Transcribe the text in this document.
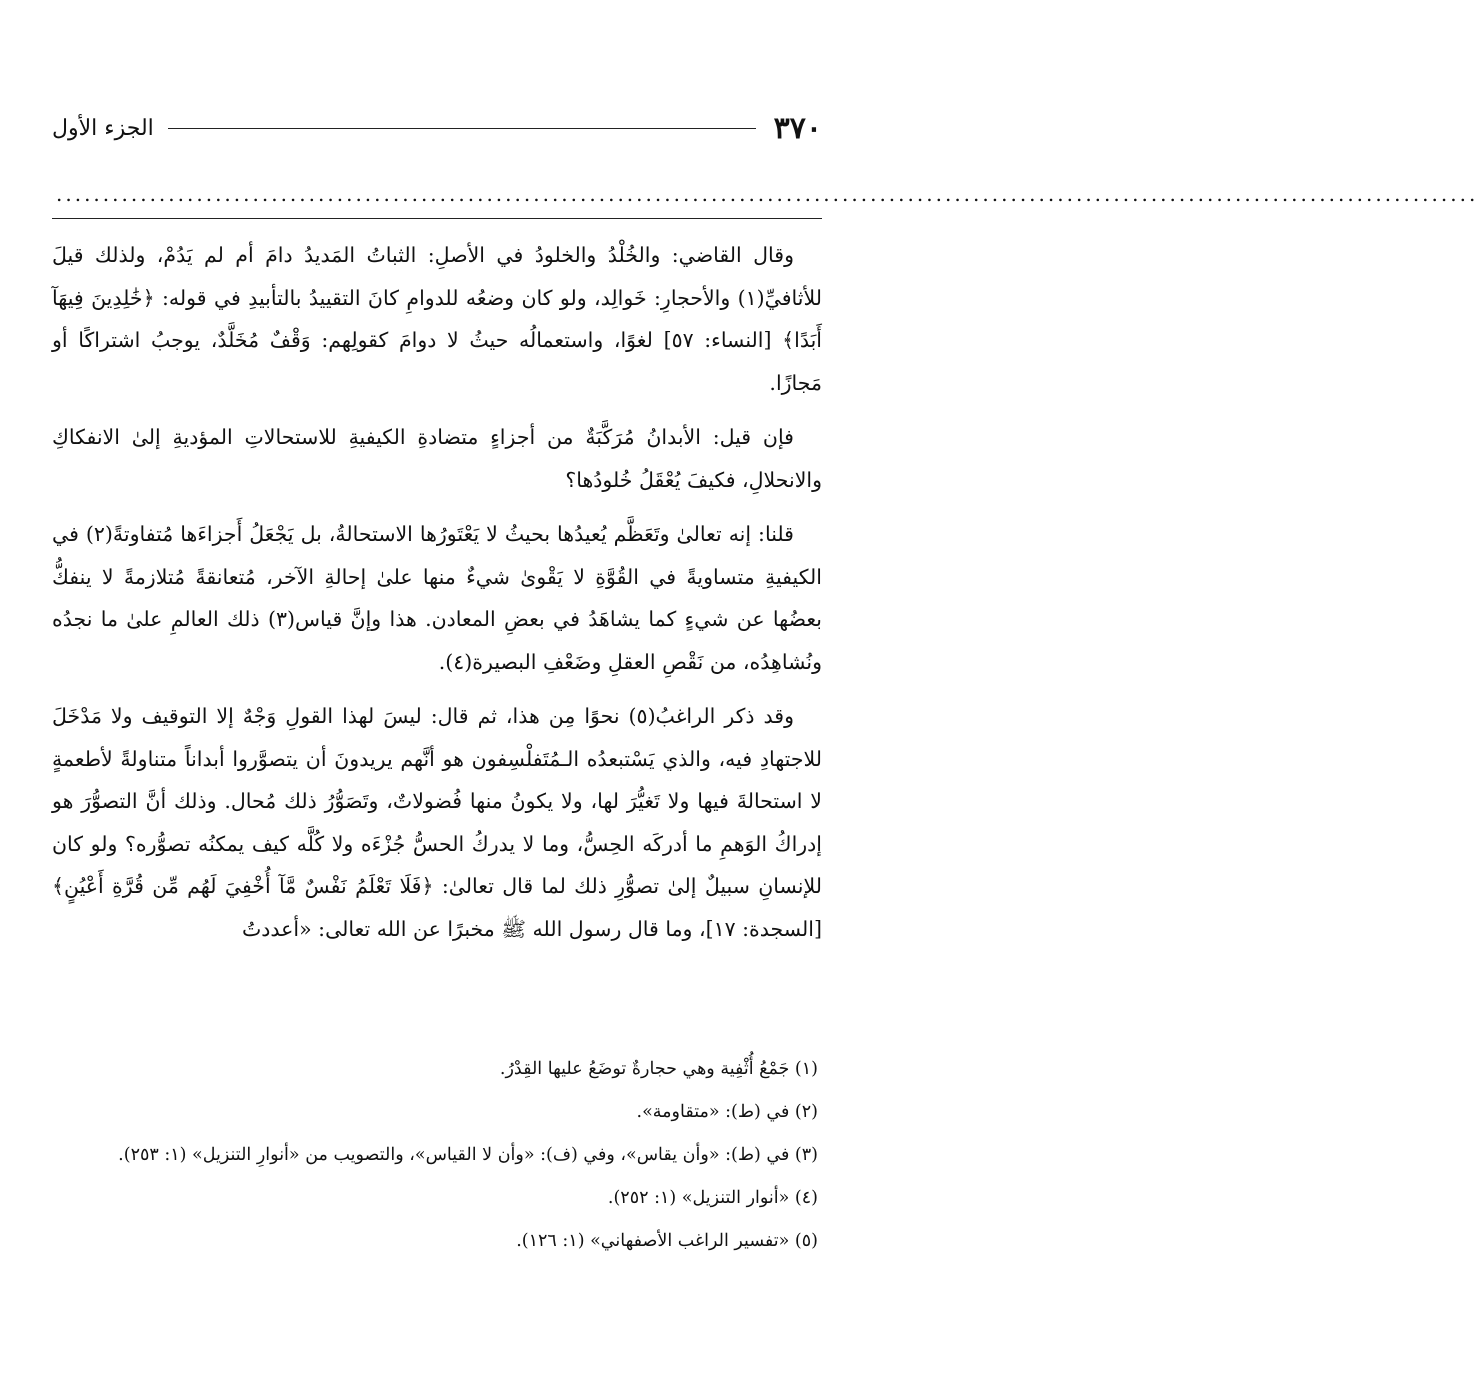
٣٧٠
الجزء الأول
........................................................................................................................................................

وقال القاضي: والخُلْدُ والخلودُ في الأصلِ: الثباتُ المَديدُ دامَ أم لم يَدُمْ، ولذلك قيلَ للأثافيِّ(١) والأحجارِ: خَوالِد، ولو كان وضعُه للدوامِ كانَ التقييدُ بالتأبيدِ في قوله: ﴿خَٰلِدِينَ فِيهَآ أَبَدًا﴾ [النساء: ٥٧] لغوًا، واستعمالُه حيثُ لا دوامَ كقولِهم: وَقْفٌ مُخَلَّدٌ، يوجبُ اشتراكًا أو مَجازًا.

فإن قيل: الأبدانُ مُرَكَّبَةٌ من أجزاءٍ متضادةِ الكيفيةِ للاستحالاتِ المؤديةِ إلىٰ الانفكاكِ والانحلالِ، فكيفَ يُعْقَلُ خُلودُها؟

قلنا: إنه تعالىٰ وتَعَظَّم يُعيدُها بحيثُ لا يَعْتَورُها الاستحالةُ، بل يَجْعَلُ أَجزاءَها مُتفاوتةً(٢) في الكيفيةِ متساويةً في القُوَّةِ لا يَقْوىٰ شيءٌ منها علىٰ إحالةِ الآخر، مُتعانقةً مُتلازمةً لا ينفكُّ بعضُها عن شيءٍ كما يشاهَدُ في بعضِ المعادن. هذا وإنَّ قياس(٣) ذلك العالمِ علىٰ ما نجدُه ونُشاهِدُه، من نَقْصِ العقلِ وضَعْفِ البصيرة(٤).

وقد ذكر الراغبُ(٥) نحوًا مِن هذا، ثم قال: ليسَ لهذا القولِ وَجْهٌ إلا التوقيف ولا مَدْخَلَ للاجتهادِ فيه، والذي يَسْتبعدُه الـمُتَفلْسِفون هو أنَّهم يريدونَ أن يتصوَّروا أبداناً متناولةً لأطعمةٍ لا استحالةَ فيها ولا تَغيُّرَ لها، ولا يكونُ منها فُضولاتٌ، وتَصَوُّرُ ذلك مُحال. وذلك أنَّ التصوُّرَ هو إدراكُ الوَهمِ ما أدركَه الحِسُّ، وما لا يدركُ الحسُّ جُزْءَه ولا كُلَّه كيف يمكنُه تصوُّره؟ ولو كان للإنسانِ سبيلٌ إلىٰ تصوُّرِ ذلك لما قال تعالىٰ: ﴿فَلَا تَعْلَمُ نَفْسٌ مَّآ أُخْفِيَ لَهُم مِّن قُرَّةِ أَعْيُنٍ﴾ [السجدة: ١٧]، وما قال رسول الله ﷺ مخبرًا عن الله تعالى: «أعددتُ

(١) جَمْعُ أُثْفِية وهي حجارةٌ توضَعُ عليها القِدْرُ.

(٢) في (ط): «متقاومة».

(٣) في (ط): «وأن يقاس»، وفي (ف): «وأن لا القياس»، والتصويب من «أنوارِ التنزيل» (١: ٢٥٣).

(٤) «أنوار التنزيل» (١: ٢٥٢).

(٥) «تفسير الراغب الأصفهاني» (١: ١٢٦).
